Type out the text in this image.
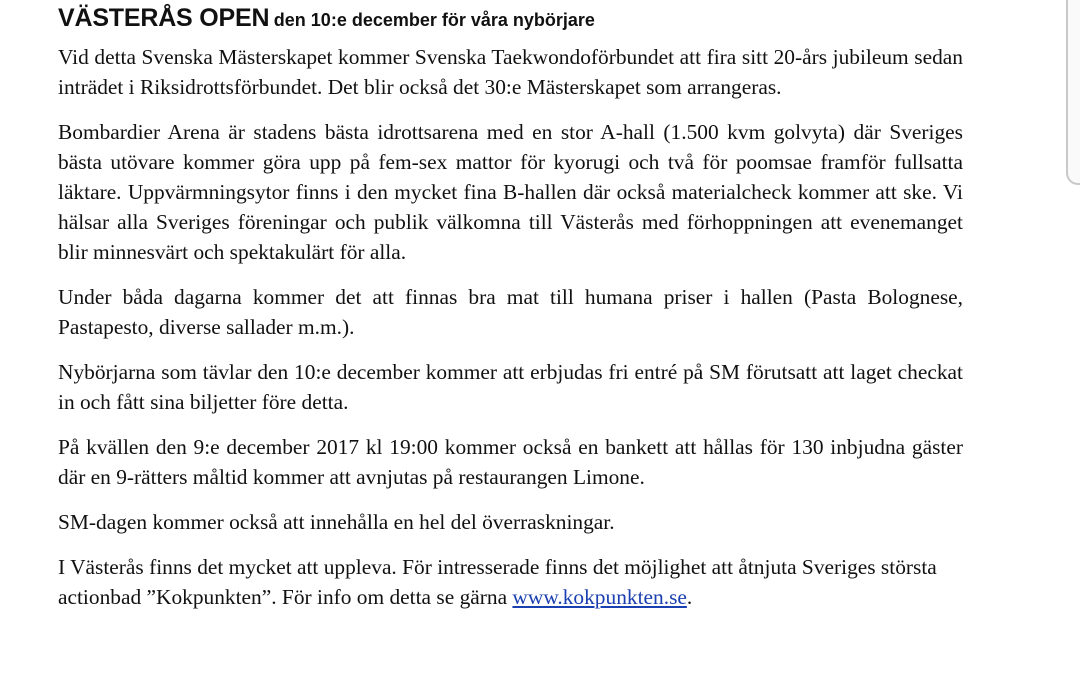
VÄSTERÅS OPEN den 10:e december för våra nybörjare

Vid detta Svenska Mästerskapet kommer Svenska Taekwondoförbundet att fira sitt 20-års jubileum sedan inträdet i Riksidrottsförbundet. Det blir också det 30:e Mästerskapet som arrangeras.

Bombardier Arena är stadens bästa idrottsarena med en stor A-hall (1.500 kvm golvyta) där Sveriges bästa utövare kommer göra upp på fem-sex mattor för kyorugi och två för poomsae framför fullsatta läktare. Uppvärmningsytor finns i den mycket fina B-hallen där också materialcheck kommer att ske. Vi hälsar alla Sveriges föreningar och publik välkomna till Västerås med förhoppningen att evenemanget blir minnesvärt och spektakulärt för alla.

Under båda dagarna kommer det att finnas bra mat till humana priser i hallen (Pasta Bolognese, Pastapesto, diverse sallader m.m.).

Nybörjarna som tävlar den 10:e december kommer att erbjudas fri entré på SM förutsatt att laget checkat in och fått sina biljetter före detta.

På kvällen den 9:e december 2017 kl 19:00 kommer också en bankett att hållas för 130 inbjudna gäster där en 9-rätters måltid kommer att avnjutas på restaurangen Limone.

SM-dagen kommer också att innehålla en hel del överraskningar.

I Västerås finns det mycket att uppleva. För intresserade finns det möjlighet att åtnjuta Sveriges största actionbad ”Kokpunkten”. För info om detta se gärna www.kokpunkten.se.
